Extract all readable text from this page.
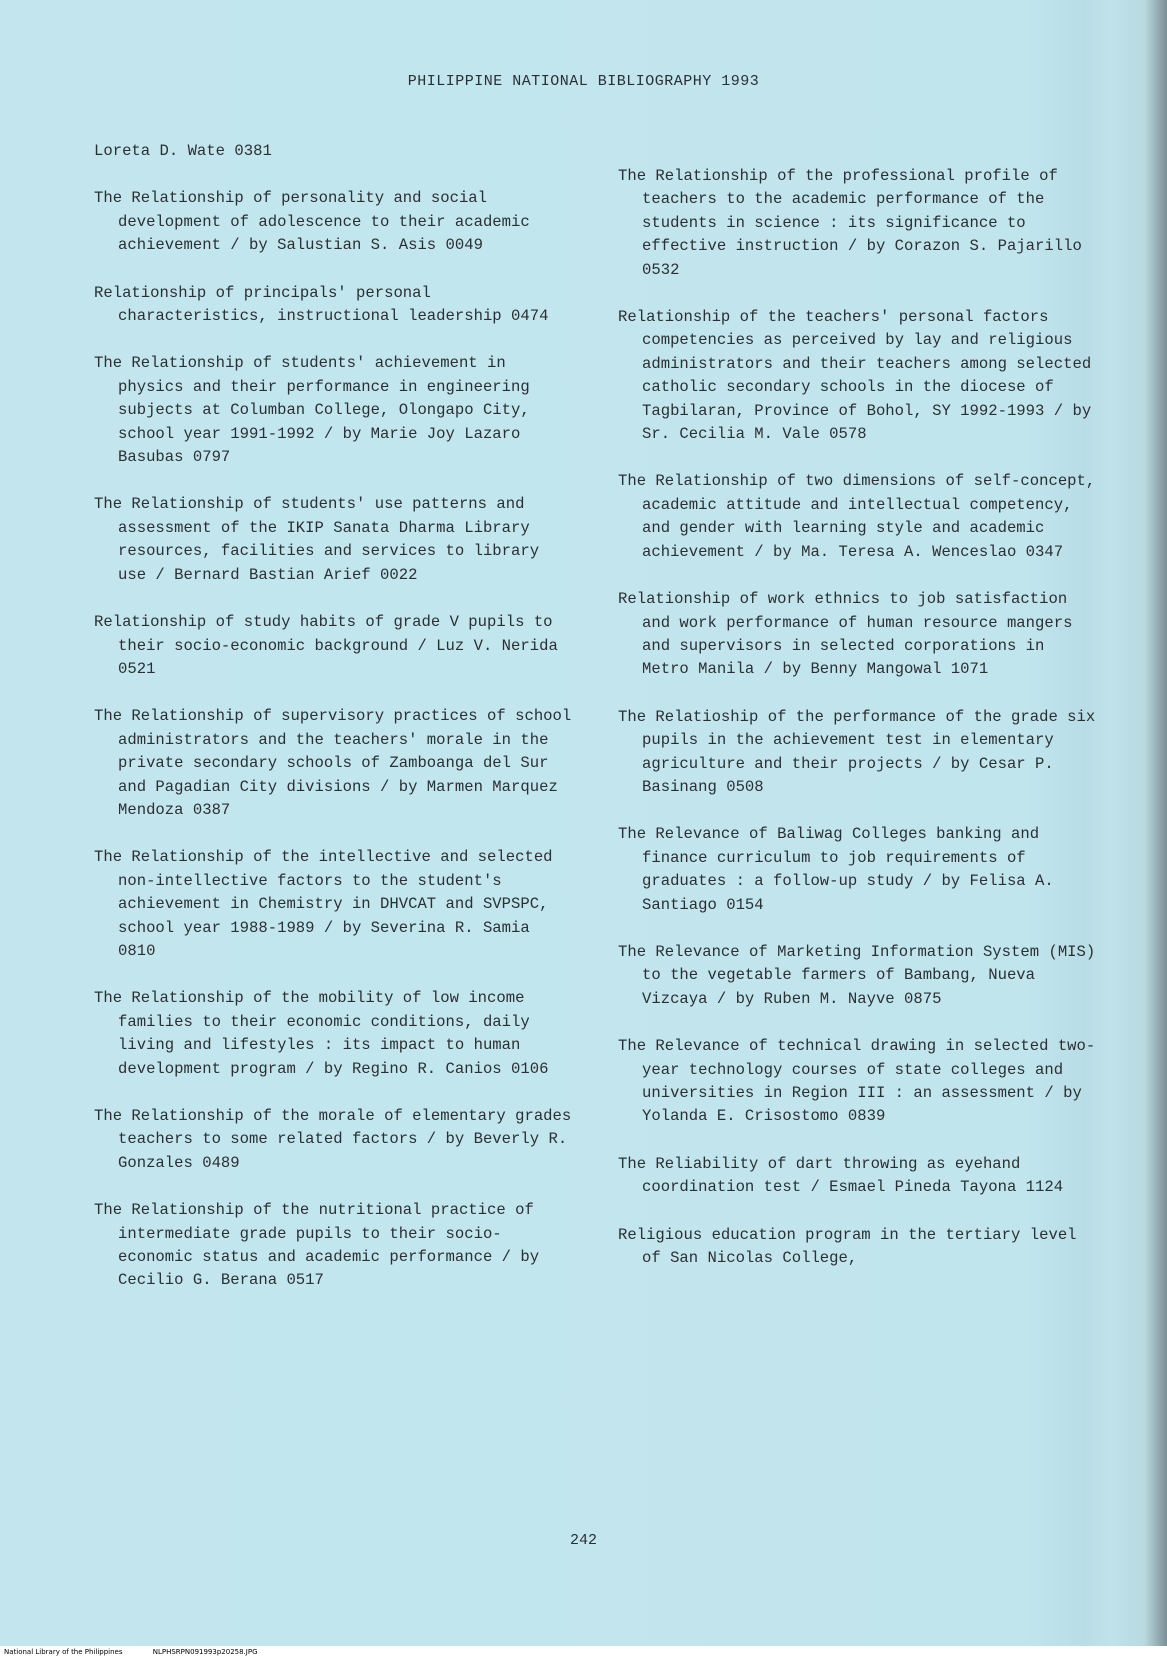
PHILIPPINE NATIONAL BIBLIOGRAPHY 1993

Loreta D. Wate 0381

The Relationship of personality and social development of adolescence to their academic achievement / by Salustian S. Asis 0049

Relationship of principals' personal characteristics, instructional leadership 0474

The Relationship of students' achievement in physics and their performance in engineering subjects at Columban College, Olongapo City, school year 1991-1992 / by Marie Joy Lazaro Basubas 0797

The Relationship of students' use patterns and assessment of the IKIP Sanata Dharma Library resources, facilities and services to library use / Bernard Bastian Arief 0022

Relationship of study habits of grade V pupils to their socio-economic background / Luz V. Nerida 0521

The Relationship of supervisory practices of school administrators and the teachers' morale in the private secondary schools of Zamboanga del Sur and Pagadian City divisions / by Marmen Marquez Mendoza 0387

The Relationship of the intellective and selected non-intellective factors to the student's achievement in Chemistry in DHVCAT and SVPSPC, school year 1988-1989 / by Severina R. Samia 0810

The Relationship of the mobility of low income families to their economic conditions, daily living and lifestyles : its impact to human development program / by Regino R. Canios 0106

The Relationship of the morale of elementary grades teachers to some related factors / by Beverly R. Gonzales 0489

The Relationship of the nutritional practice of intermediate grade pupils to their socio-economic status and academic performance / by Cecilio G. Berana 0517

The Relationship of the professional profile of teachers to the academic performance of the students in science : its significance to effective instruction / by Corazon S. Pajarillo 0532

Relationship of the teachers' personal factors competencies as perceived by lay and religious administrators and their teachers among selected catholic secondary schools in the diocese of Tagbilaran, Province of Bohol, SY 1992-1993 / by Sr. Cecilia M. Vale 0578

The Relationship of two dimensions of self-concept, academic attitude and intellectual competency, and gender with learning style and academic achievement / by Ma. Teresa A. Wenceslao 0347

Relationship of work ethnics to job satisfaction and work performance of human resource mangers and supervisors in selected corporations in Metro Manila / by Benny Mangowal 1071

The Relatioship of the performance of the grade six pupils in the achievement test in elementary agriculture and their projects / by Cesar P. Basinang 0508

The Relevance of Baliwag Colleges banking and finance curriculum to job requirements of graduates : a follow-up study / by Felisa A. Santiago 0154

The Relevance of Marketing Information System (MIS) to the vegetable farmers of Bambang, Nueva Vizcaya / by Ruben M. Nayve 0875

The Relevance of technical drawing in selected two-year technology courses of state colleges and universities in Region III : an assessment / by Yolanda E. Crisostomo 0839

The Reliability of dart throwing as eyehand coordination test / Esmael Pineda Tayona 1124

Religious education program in the tertiary level of San Nicolas College,

242
National Library of the Philippines	NLPHSRPN091993p20258.JPG
